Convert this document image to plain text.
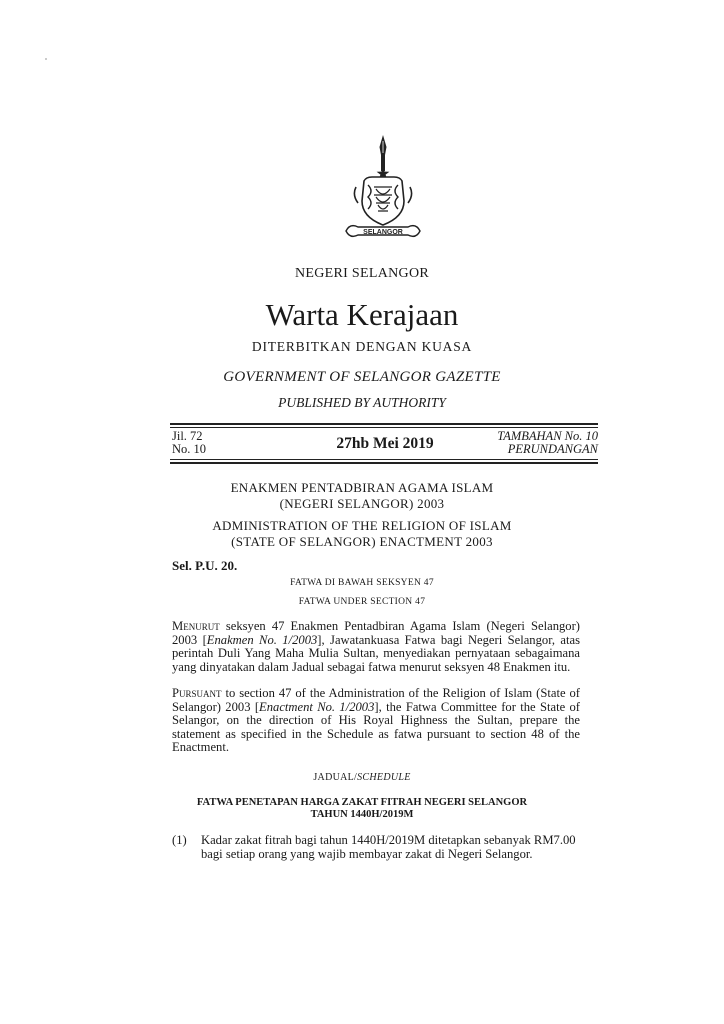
SELANGOR
NEGERI SELANGOR
Warta Kerajaan
DITERBITKAN DENGAN KUASA
GOVERNMENT OF SELANGOR GAZETTE
PUBLISHED BY AUTHORITY
Jil. 72
No. 10	27hb Mei 2019	TAMBAHAN No. 10
PERUNDANGAN
ENAKMEN PENTADBIRAN AGAMA ISLAM
(NEGERI SELANGOR) 2003
ADMINISTRATION OF THE RELIGION OF ISLAM
(STATE OF SELANGOR) ENACTMENT 2003
Sel. P.U. 20.
FATWA DI BAWAH SEKSYEN 47
FATWA UNDER SECTION 47
Menurut seksyen 47 Enakmen Pentadbiran Agama Islam (Negeri Selangor) 2003 [Enakmen No. 1/2003], Jawatankuasa Fatwa bagi Negeri Selangor, atas perintah Duli Yang Maha Mulia Sultan, menyediakan pernyataan sebagaimana yang dinyatakan dalam Jadual sebagai fatwa menurut seksyen 48 Enakmen itu.
Pursuant to section 47 of the Administration of the Religion of Islam (State of Selangor) 2003 [Enactment No. 1/2003], the Fatwa Committee for the State of Selangor, on the direction of His Royal Highness the Sultan, prepare the statement as specified in the Schedule as fatwa pursuant to section 48 of the Enactment.
JADUAL/SCHEDULE
FATWA PENETAPAN HARGA ZAKAT FITRAH NEGERI SELANGOR
TAHUN 1440H/2019M
(1) Kadar zakat fitrah bagi tahun 1440H/2019M ditetapkan sebanyak RM7.00 bagi setiap orang yang wajib membayar zakat di Negeri Selangor.
